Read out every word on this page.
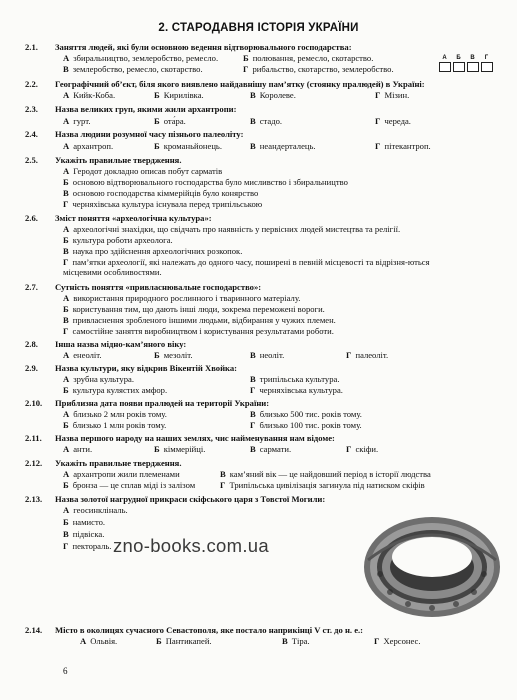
2. СТАРОДАВНЯ ІСТОРІЯ УКРАЇНИ
А Б В Г
2.1. Заняття людей, які були основною ведення відтворювального господарства:
А збиральництво, землеробство, ремесло.	Б полювання, ремесло, скотарство.
В землеробство, ремесло, скотарство.	Г рибальство, скотарство, землеробство.
2.2. Географічний об’єкт, біля якого виявлено найдавнішу пам’ятку (стоянку пралюдей) в Україні:
А Кийк-Коба.	Б Кирилівка.	В Королеве.	Г Мізин.
2.3. Назва великих груп, якими жили архантропи:
А гурт.	Б ота́ра.	В стадо.	Г череда.
2.4. Назва людини розумної часу пізнього палеоліту:
А архантроп.	Б кроманьйонець.	В неандерталець.	Г пітекантроп.
2.5. Укажіть правильне твердження.
А Геродот докладно описав побут сарматів
Б основою відтворювального господарства було мисливство і збиральництво
В основою господарства кіммерійців було конярство
Г черняхівська культура існувала перед трипільською
2.6. Зміст поняття «археологічна культура»:
А археологічні знахідки, що свідчать про наявність у первісних людей мистецтва та релігії.
Б культура роботи археолога.
В наука про здійснення археологічних розкопок.
Г пам’ятки археології, які належать до одного часу, поширені в певній місцевості та відрізня-ються місцевими особливостями.
2.7. Сутність поняття «привласнювальне господарство»:
А використання природного рослинного і тваринного матеріалу.
Б користування тим, що дають інші люди, зокрема переможені вороги.
В привласнення зробленого іншими людьми, відбирання у чужих племен.
Г самостійне заняття виробництвом і користування результатами роботи.
2.8. Інша назва мідно-кам’яного віку:
А енеоліт.	Б мезоліт.	В неоліт.	Г палеоліт.
2.9. Назва культури, яку відкрив Вікентій Хвойка:
А зрубна культура.	В трипільська культура.
Б культура кулястих амфор.	Г черняхівська культура.
2.10. Приблизна дата появи пралюдей на території України:
А близько 2 млн років тому.	В близько 500 тис. років тому.
Б близько 1 млн років тому.	Г близько 100 тис. років тому.
2.11. Назва першого народу на наших землях, чис найменування нам відоме:
А анти.	Б кіммерійці.	В сармати.	Г скіфи.
2.12. Укажіть правильне твердження.
А архантропи жили племенами	В кам’яний вік — це найдовший період в історії людства
Б бронза — це сплав міді із залізом	Г Трипільська цивілізація загинула під натиском скіфів
2.13. Назва золотої нагрудної прикраси скіфського царя з Товстої Могили:
А геосинкліналь.
Б намисто.
В підвіска.
Г пектораль. zno-books.com.ua
2.14. Місто в околицях сучасного Севастополя, яке постало наприкінці V ст. до н. е.:
А Ольвія.	Б Пантикапей.	В Тіра.	Г Херсонес.
6
